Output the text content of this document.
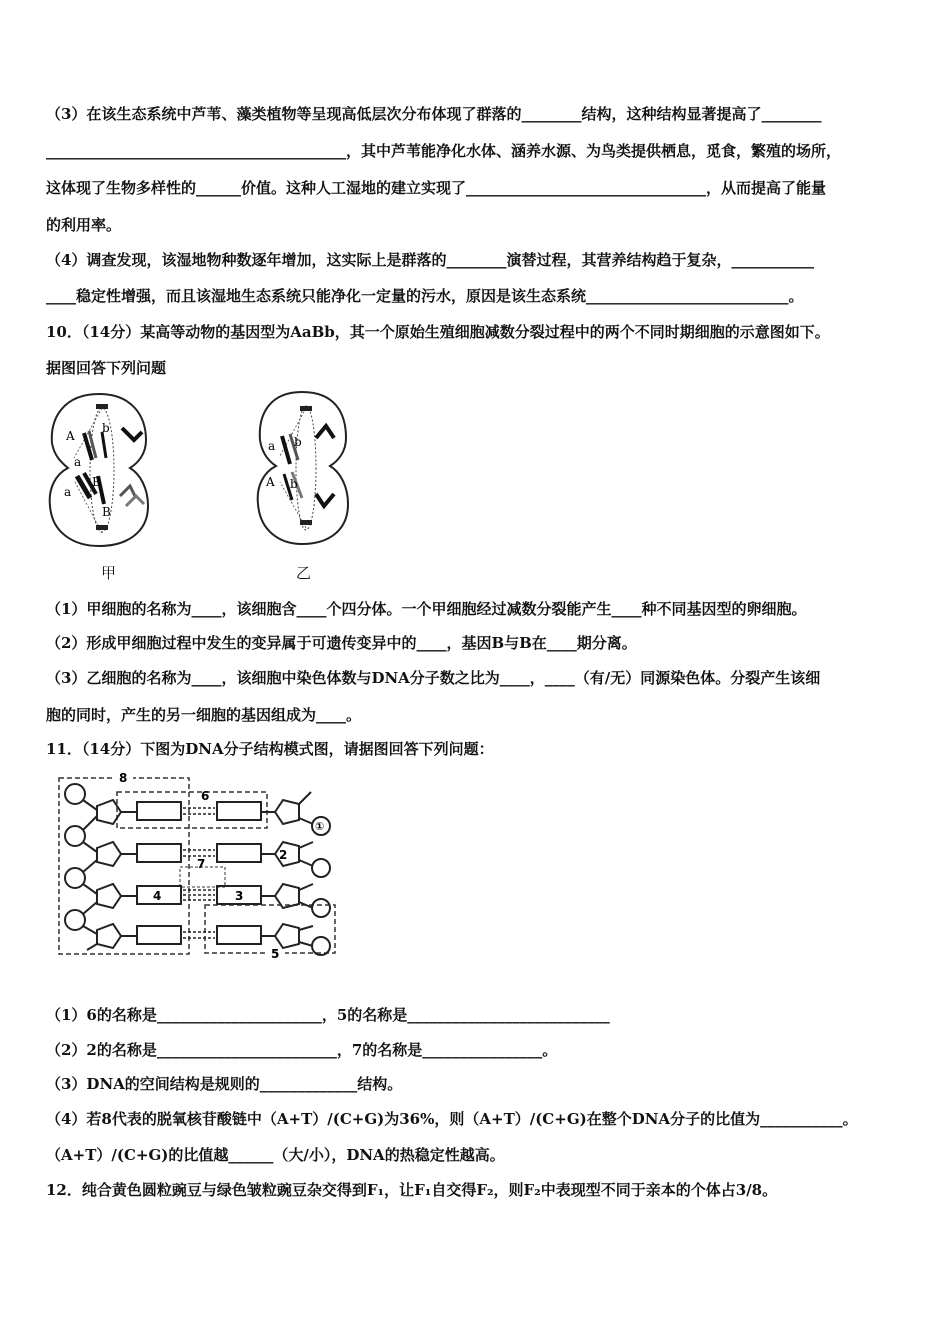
（3）在该生态系统中芦苇、藻类植物等呈现高低层次分布体现了群落的________结构，这种结构显著提高了________
________________________________________，其中芦苇能净化水体、涵养水源、为鸟类提供栖息，觅食，繁殖的场所，
这体现了生物多样性的______价值。这种人工湿地的建立实现了________________________________，从而提高了能量
的利用率。
（4）调查发现，该湿地物种数逐年增加，这实际上是群落的________演替过程，其营养结构趋于复杂，___________
____稳定性增强，而且该湿地生态系统只能净化一定量的污水，原因是该生态系统___________________________。
10．（14分）某高等动物的基因型为AaBb，其一个原始生殖细胞减数分裂过程中的两个不同时期细胞的示意图如下。
据图回答下列问题
A
b
a
B
a
B
甲
a b
A b
乙
（1）甲细胞的名称为____，该细胞含____个四分体。一个甲细胞经过减数分裂能产生____种不同基因型的卵细胞。
（2）形成甲细胞过程中发生的变异属于可遗传变异中的____，基因B与B在____期分离。
（3）乙细胞的名称为____，该细胞中染色体数与DNA分子数之比为____，____（有/无）同源染色体。分裂产生该细
胞的同时，产生的另一细胞的基因组成为____。
11．（14分）下图为DNA分子结构模式图，请据图回答下列问题：
8
6
7
5
4	3
2
①
（1）6的名称是______________________，5的名称是___________________________
（2）2的名称是________________________，7的名称是________________。
（3）DNA的空间结构是规则的_____________结构。
（4）若8代表的脱氧核苷酸链中（A+T）/(C+G)为36%，则（A+T）/(C+G)在整个DNA分子的比值为___________。
（A+T）/(C+G)的比值越______（大/小），DNA的热稳定性越高。
12．纯合黄色圆粒豌豆与绿色皱粒豌豆杂交得到F₁，让F₁自交得F₂，则F₂中表现型不同于亲本的个体占3/8。
